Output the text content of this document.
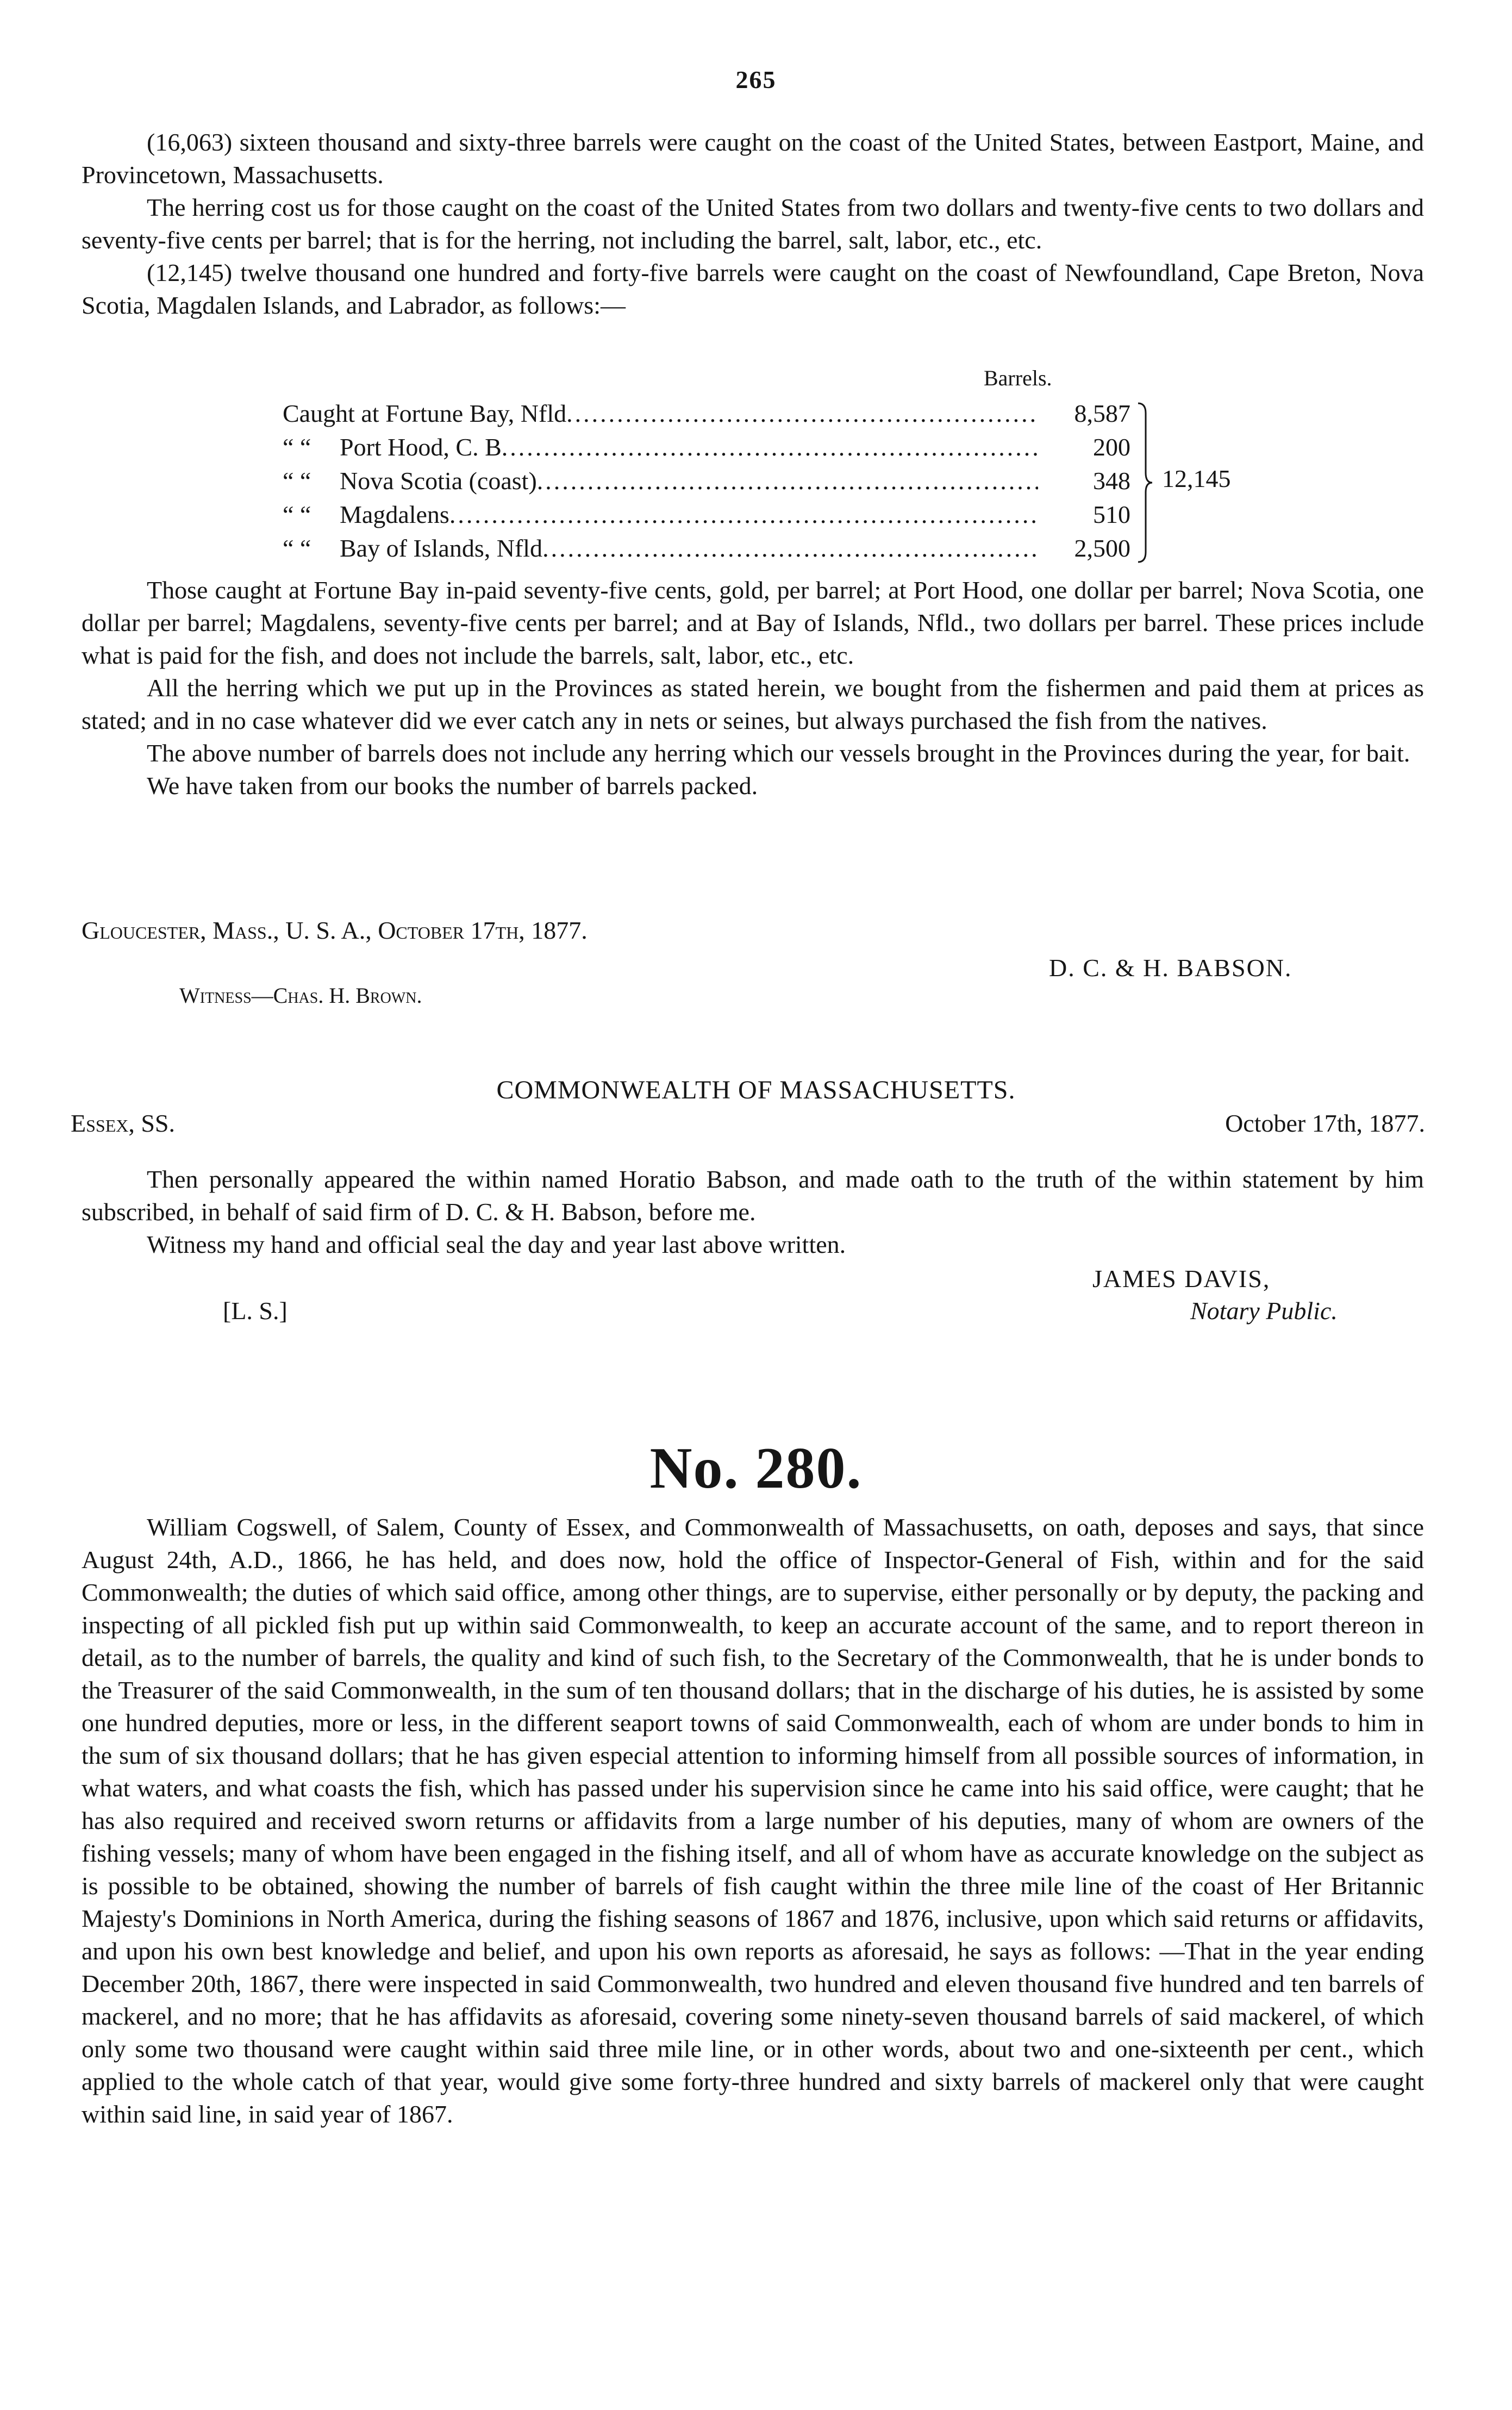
265

(16,063) sixteen thousand and sixty-three barrels were caught on the coast of the United States, between Eastport, Maine, and Provincetown, Massachusetts.

The herring cost us for those caught on the coast of the United States from two dollars and twenty-five cents to two dollars and seventy-five cents per barrel; that is for the herring, not including the barrel, salt, labor, etc., etc.

(12,145) twelve thousand one hundred and forty-five barrels were caught on the coast of Newfoundland, Cape Breton, Nova Scotia, Magdalen Islands, and Labrador, as follows:—

Barrels.
Caught at Fortune Bay, Nfld .....	8,587
“ “ Port Hood, C. B .....	200
“ “ Nova Scotia (coast) .....	348
“ “ Magdalens .....	510
“ “ Bay of Islands, Nfld .....	2,500
12,145

Those caught at Fortune Bay in-paid seventy-five cents, gold, per barrel; at Port Hood, one dollar per barrel; Nova Scotia, one dollar per barrel; Magdalens, seventy-five cents per barrel; and at Bay of Islands, Nfld., two dollars per barrel. These prices include what is paid for the fish, and does not include the barrels, salt, labor, etc., etc.

All the herring which we put up in the Provinces as stated herein, we bought from the fishermen and paid them at prices as stated; and in no case whatever did we ever catch any in nets or seines, but always purchased the fish from the natives.

The above number of barrels does not include any herring which our vessels brought in the Provinces during the year, for bait.

We have taken from our books the number of barrels packed.

Gloucester, Mass., U. S. A., October 17th, 1877.
D. C. & H. BABSON.
Witness—Chas. H. Brown.
COMMONWEALTH OF MASSACHUSETTS.
Essex, SS.	October 17th, 1877.

Then personally appeared the within named Horatio Babson, and made oath to the truth of the within statement by him subscribed, in behalf of said firm of D. C. & H. Babson, before me.

Witness my hand and official seal the day and year last above written.

JAMES DAVIS,
[L. S.]	Notary Public.
No. 280.

William Cogswell, of Salem, County of Essex, and Commonwealth of Massachusetts, on oath, deposes and says, that since August 24th, A.D., 1866, he has held, and does now, hold the office of Inspector-General of Fish, within and for the said Commonwealth; the duties of which said office, among other things, are to supervise, either personally or by deputy, the packing and inspecting of all pickled fish put up within said Commonwealth, to keep an accurate account of the same, and to report thereon in detail, as to the number of barrels, the quality and kind of such fish, to the Secretary of the Commonwealth, that he is under bonds to the Treasurer of the said Commonwealth, in the sum of ten thousand dollars; that in the discharge of his duties, he is assisted by some one hundred deputies, more or less, in the different seaport towns of said Commonwealth, each of whom are under bonds to him in the sum of six thousand dollars; that he has given especial attention to informing himself from all possible sources of information, in what waters, and what coasts the fish, which has passed under his supervision since he came into his said office, were caught; that he has also required and received sworn returns or affidavits from a large number of his deputies, many of whom are owners of the fishing vessels; many of whom have been engaged in the fishing itself, and all of whom have as accurate knowledge on the subject as is possible to be obtained, showing the number of barrels of fish caught within the three mile line of the coast of Her Britannic Majesty's Dominions in North America, during the fishing seasons of 1867 and 1876, inclusive, upon which said returns or affidavits, and upon his own best knowledge and belief, and upon his own reports as aforesaid, he says as follows: —That in the year ending December 20th, 1867, there were inspected in said Commonwealth, two hundred and eleven thousand five hundred and ten barrels of mackerel, and no more; that he has affidavits as aforesaid, covering some ninety-seven thousand barrels of said mackerel, of which only some two thousand were caught within said three mile line, or in other words, about two and one-sixteenth per cent., which applied to the whole catch of that year, would give some forty-three hundred and sixty barrels of mackerel only that were caught within said line, in said year of 1867.
